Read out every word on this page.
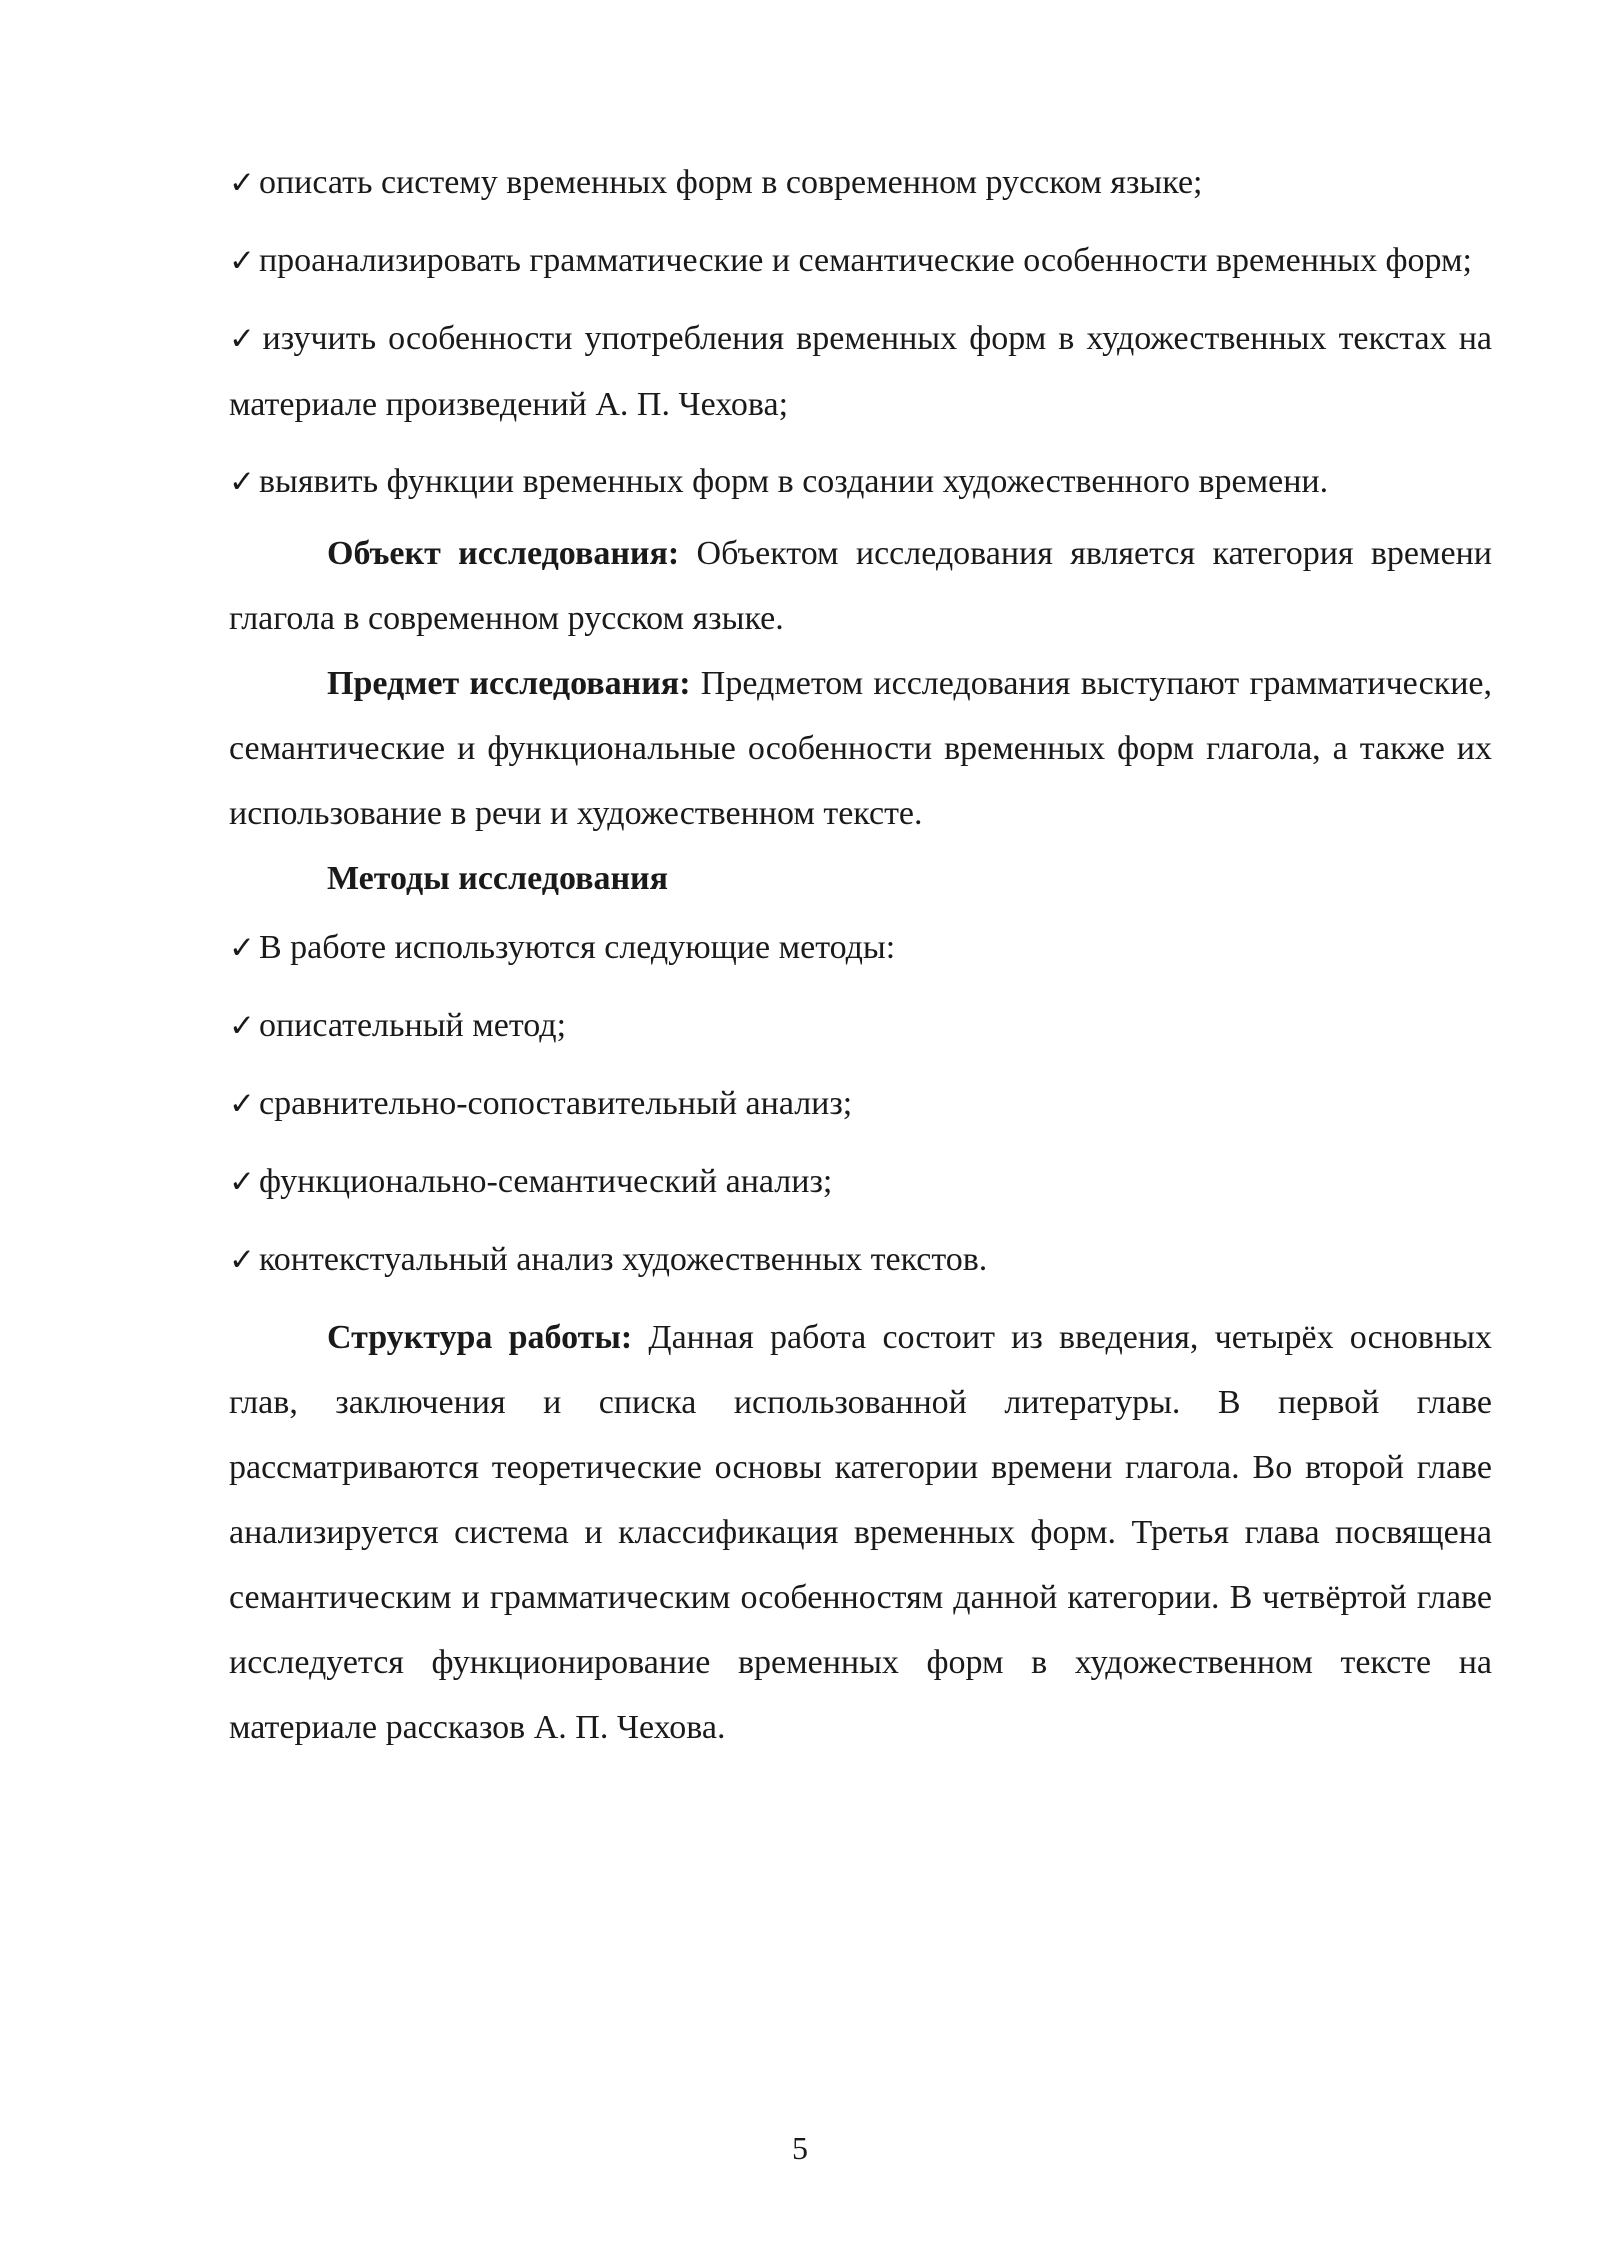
✓ описать систему временных форм в современном русском языке;
✓ проанализировать грамматические и семантические особенности временных форм;
✓ изучить особенности употребления временных форм в художественных текстах на материале произведений А. П. Чехова;
✓ выявить функции временных форм в создании художественного времени.

Объект исследования: Объектом исследования является категория времени глагола в современном русском языке.

Предмет исследования: Предметом исследования выступают грамматические, семантические и функциональные особенности временных форм глагола, а также их использование в речи и художественном тексте.

Методы исследования

✓ В работе используются следующие методы:
✓ описательный метод;
✓ сравнительно-сопоставительный анализ;
✓ функционально-семантический анализ;
✓ контекстуальный анализ художественных текстов.

Структура работы: Данная работа состоит из введения, четырёх основных глав, заключения и списка использованной литературы. В первой главе рассматриваются теоретические основы категории времени глагола. Во второй главе анализируется система и классификация временных форм. Третья глава посвящена семантическим и грамматическим особенностям данной категории. В четвёртой главе исследуется функционирование временных форм в художественном тексте на материале рассказов А. П. Чехова.

5
